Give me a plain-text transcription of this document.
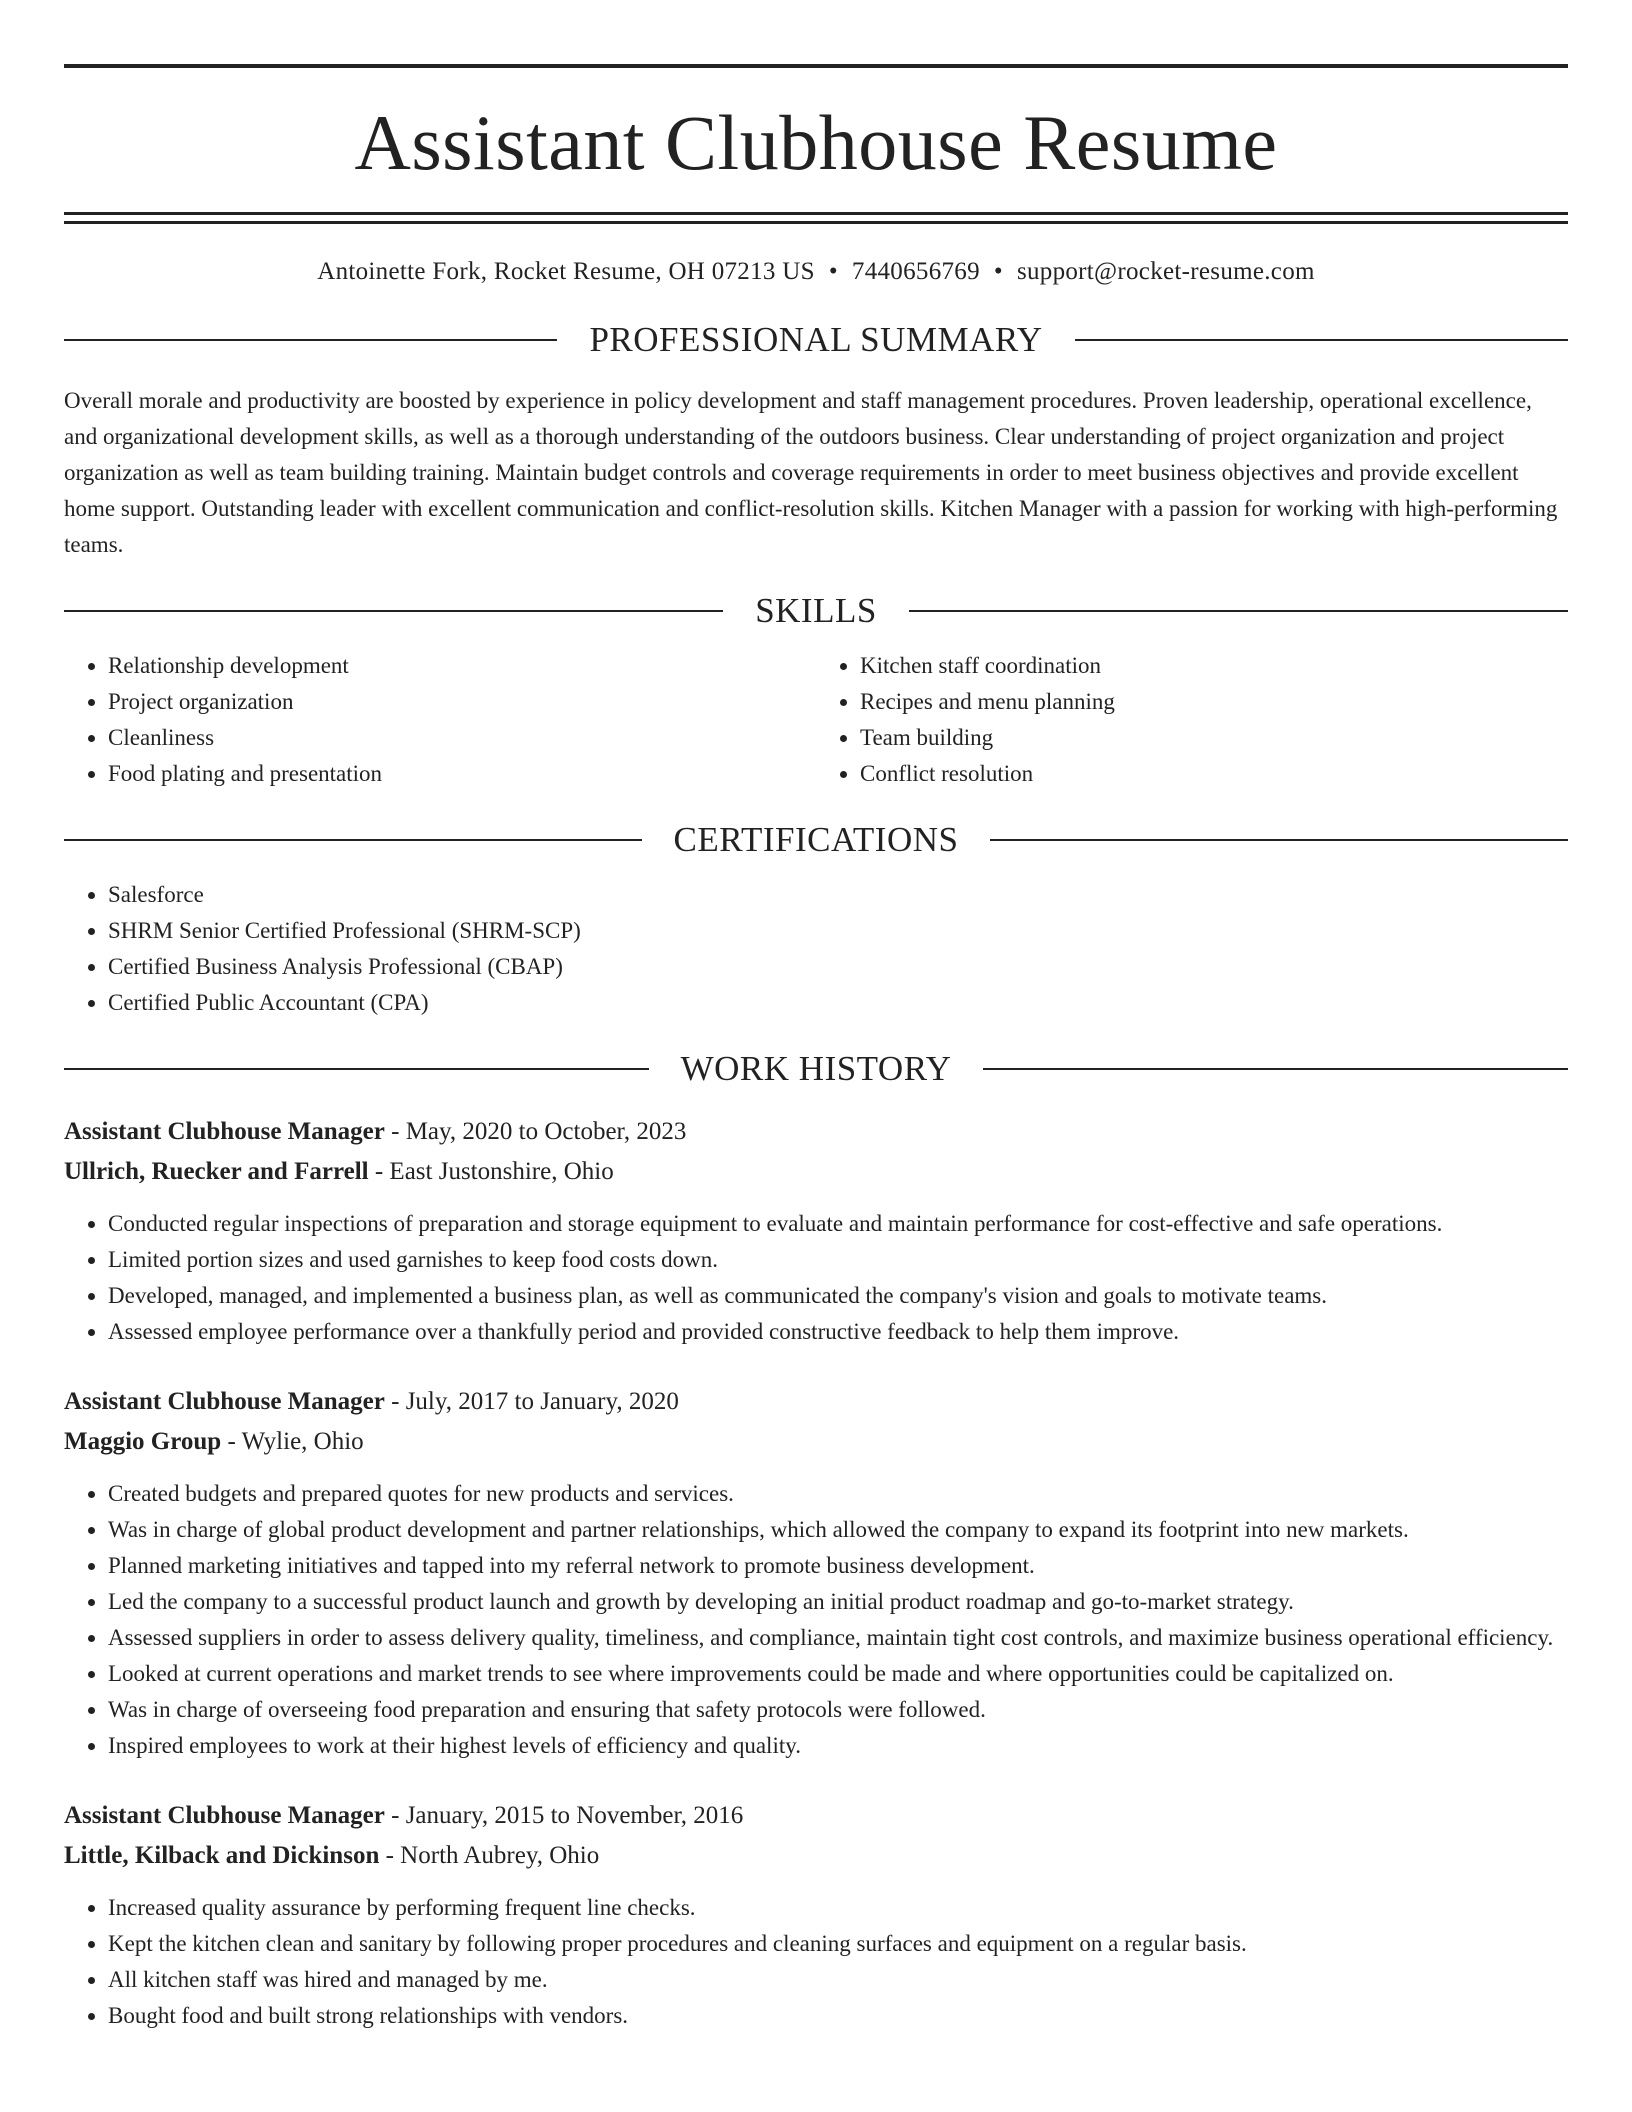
Assistant Clubhouse Resume
Antoinette Fork, Rocket Resume, OH 07213 US • 7440656769 • support@rocket-resume.com
PROFESSIONAL SUMMARY

Overall morale and productivity are boosted by experience in policy development and staff management procedures. Proven leadership, operational excellence, and organizational development skills, as well as a thorough understanding of the outdoors business. Clear understanding of project organization and project organization as well as team building training. Maintain budget controls and coverage requirements in order to meet business objectives and provide excellent home support. Outstanding leader with excellent communication and conflict-resolution skills. Kitchen Manager with a passion for working with high-performing teams.

SKILLS
• Relationship development
• Project organization
• Cleanliness
• Food plating and presentation
• Kitchen staff coordination
• Recipes and menu planning
• Team building
• Conflict resolution
CERTIFICATIONS
• Salesforce
• SHRM Senior Certified Professional (SHRM-SCP)
• Certified Business Analysis Professional (CBAP)
• Certified Public Accountant (CPA)
WORK HISTORY
Assistant Clubhouse Manager - May, 2020 to October, 2023
Ullrich, Ruecker and Farrell - East Justonshire, Ohio
• Conducted regular inspections of preparation and storage equipment to evaluate and maintain performance for cost-effective and safe operations.
• Limited portion sizes and used garnishes to keep food costs down.
• Developed, managed, and implemented a business plan, as well as communicated the company's vision and goals to motivate teams.
• Assessed employee performance over a thankfully period and provided constructive feedback to help them improve.
Assistant Clubhouse Manager - July, 2017 to January, 2020
Maggio Group - Wylie, Ohio
• Created budgets and prepared quotes for new products and services.
• Was in charge of global product development and partner relationships, which allowed the company to expand its footprint into new markets.
• Planned marketing initiatives and tapped into my referral network to promote business development.
• Led the company to a successful product launch and growth by developing an initial product roadmap and go-to-market strategy.
• Assessed suppliers in order to assess delivery quality, timeliness, and compliance, maintain tight cost controls, and maximize business operational efficiency.
• Looked at current operations and market trends to see where improvements could be made and where opportunities could be capitalized on.
• Was in charge of overseeing food preparation and ensuring that safety protocols were followed.
• Inspired employees to work at their highest levels of efficiency and quality.
Assistant Clubhouse Manager - January, 2015 to November, 2016
Little, Kilback and Dickinson - North Aubrey, Ohio
• Increased quality assurance by performing frequent line checks.
• Kept the kitchen clean and sanitary by following proper procedures and cleaning surfaces and equipment on a regular basis.
• All kitchen staff was hired and managed by me.
• Bought food and built strong relationships with vendors.
